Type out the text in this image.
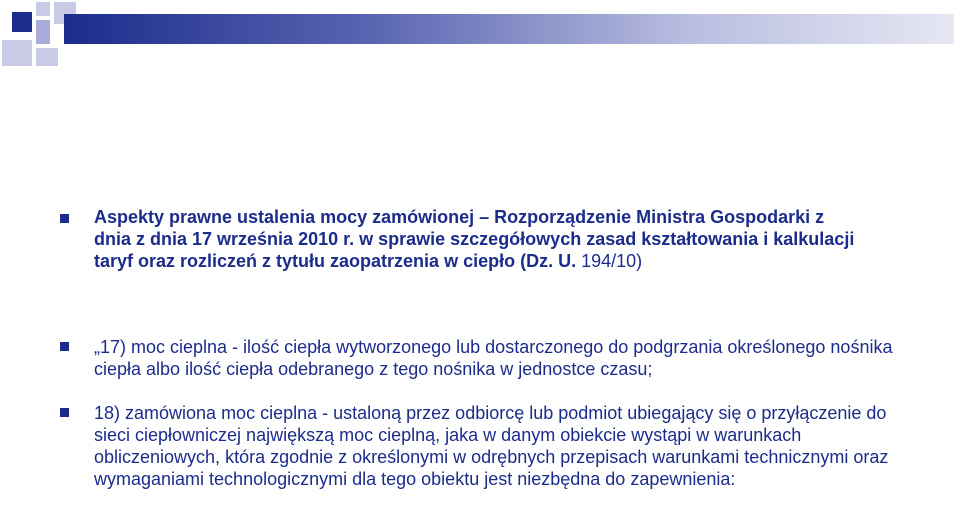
Aspekty prawne ustalenia mocy zamówionej – Rozporządzenie Ministra Gospodarki z dnia z dnia 17 września 2010 r. w sprawie szczegółowych zasad kształtowania i kalkulacji taryf oraz rozliczeń z tytułu zaopatrzenia w ciepło (Dz. U. 194/10)

„17) moc cieplna - ilość ciepła wytworzonego lub dostarczonego do podgrzania określonego nośnika ciepła albo ilość ciepła odebranego z tego nośnika w jednostce czasu;

18) zamówiona moc cieplna - ustaloną przez odbiorcę lub podmiot ubiegający się o przyłączenie do sieci ciepłowniczej największą moc cieplną, jaka w danym obiekcie wystąpi w warunkach obliczeniowych, która zgodnie z określonymi w odrębnych przepisach warunkami technicznymi oraz wymaganiami technologicznymi dla tego obiektu jest niezbędna do zapewnienia:
